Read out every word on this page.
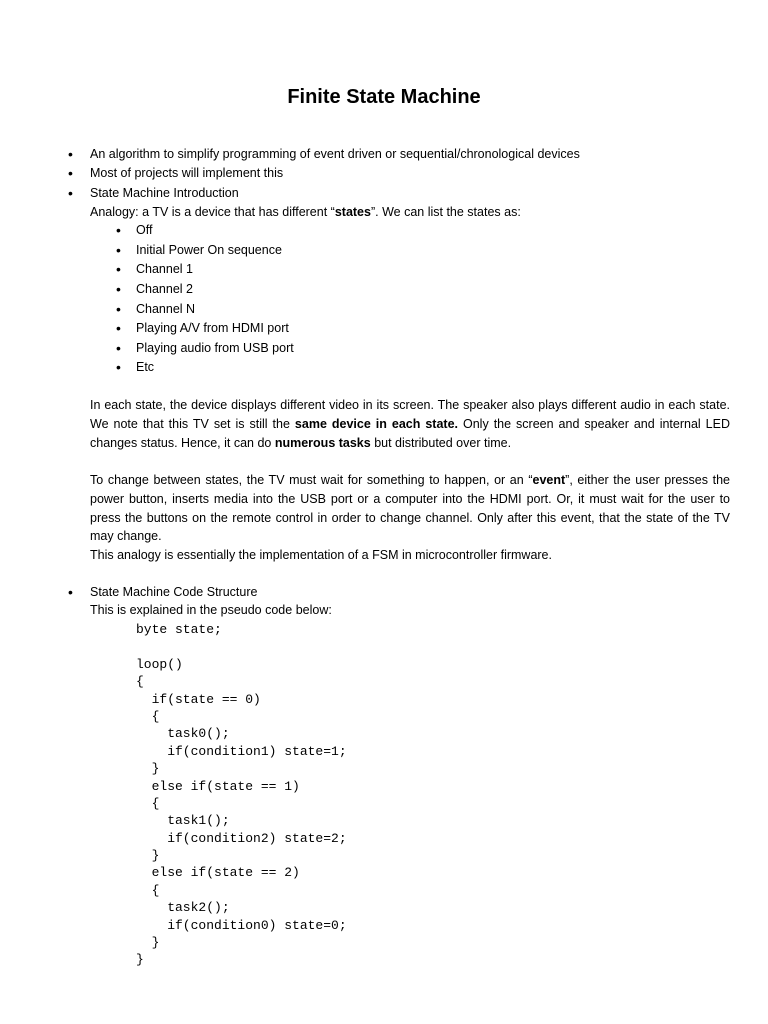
Finite State Machine
• An algorithm to simplify programming of event driven or sequential/chronological devices
• Most of projects will implement this
• State Machine Introduction

Analogy: a TV is a device that has different “states”. We can list the states as:

• Off
• Initial Power On sequence
• Channel 1
• Channel 2
• Channel N
• Playing A/V from HDMI port
• Playing audio from USB port
• Etc

In each state, the device displays different video in its screen. The speaker also plays different audio in each state. We note that this TV set is still the same device in each state. Only the screen and speaker and internal LED changes status. Hence, it can do numerous tasks but distributed over time.

To change between states, the TV must wait for something to happen, or an “event”, either the user presses the power button, inserts media into the USB port or a computer into the HDMI port. Or, it must wait for the user to press the buttons on the remote control in order to change channel. Only after this event, that the state of the TV may change.
This analogy is essentially the implementation of a FSM in microcontroller firmware.

• State Machine Code Structure

This is explained in the pseudo code below:

byte state;
loop()
{
if(state == 0)
{
task0();
if(condition1) state=1;
}
else if(state == 1)
{
task1();
if(condition2) state=2;
}
else if(state == 2)
{
task2();
if(condition0) state=0;
}
}
